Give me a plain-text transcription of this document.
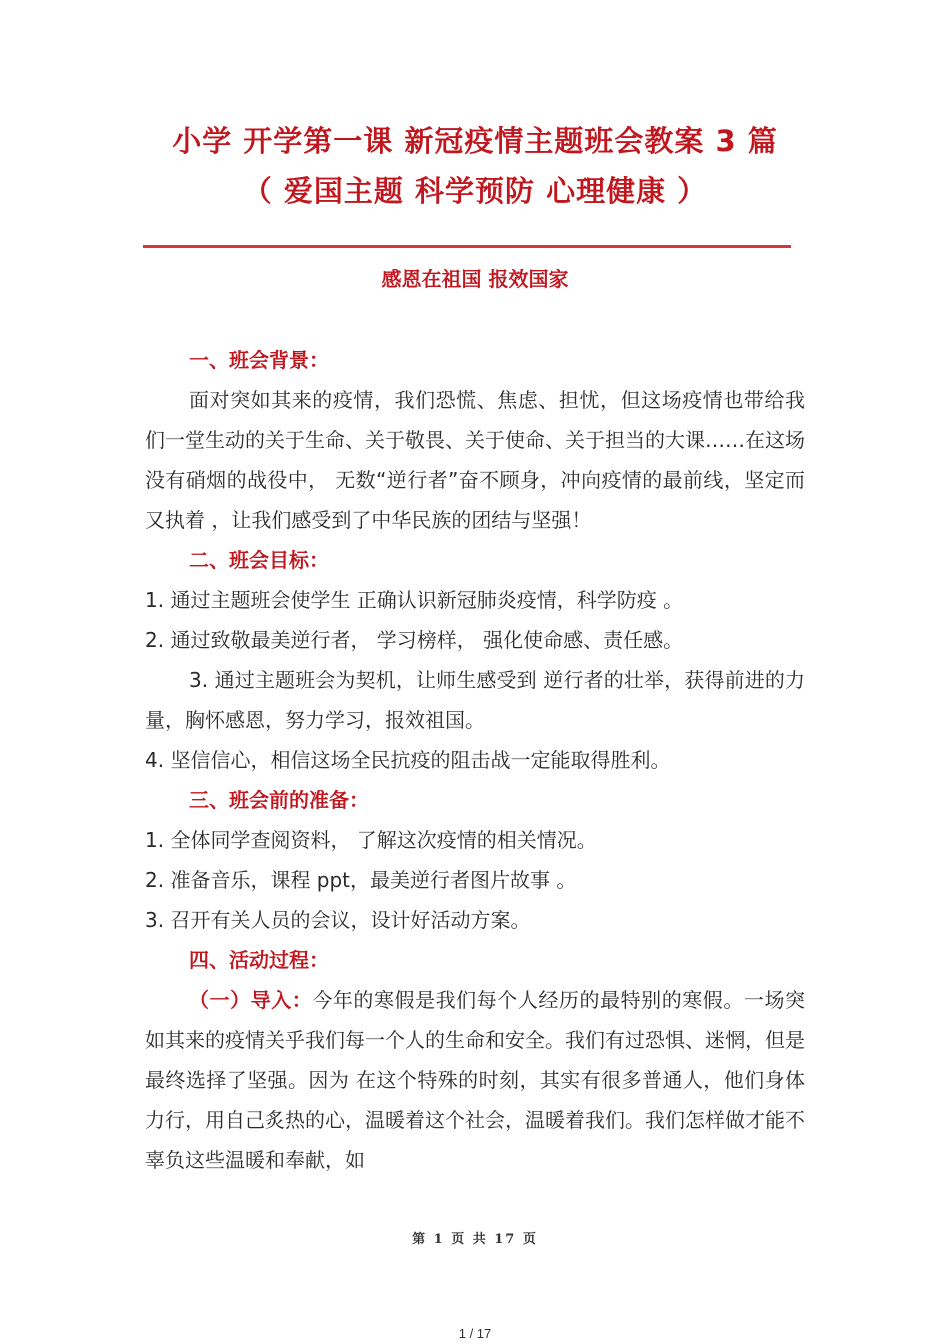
小学 开学第一课 新冠疫情主题班会教案 3 篇
（ 爱国主题 科学预防 心理健康 ）
感恩在祖国 报效国家

一、班会背景：

面对突如其来的疫情，我们恐慌、焦虑、担忧，但这场疫情也带给我们一堂生动的关于生命、关于敬畏、关于使命、关于担当的大课……在这场没有硝烟的战役中， 无数“逆行者”奋不顾身，冲向疫情的最前线，坚定而又执着 ，让我们感受到了中华民族的团结与坚强！

二、班会目标：

1. 通过主题班会使学生 正确认识新冠肺炎疫情，科学防疫 。

2. 通过致敬最美逆行者， 学习榜样， 强化使命感、责任感。

3. 通过主题班会为契机，让师生感受到 逆行者的壮举，获得前进的力量，胸怀感恩，努力学习，报效祖国。

4. 坚信信心，相信这场全民抗疫的阻击战一定能取得胜利。

三、班会前的准备：

1. 全体同学查阅资料， 了解这次疫情的相关情况。

2. 准备音乐，课程 ppt，最美逆行者图片故事 。

3. 召开有关人员的会议，设计好活动方案。

四、活动过程：

（一）导入：今年的寒假是我们每个人经历的最特别的寒假。一场突如其来的疫情关乎我们每一个人的生命和安全。我们有过恐惧、迷惘，但是最终选择了坚强。因为 在这个特殊的时刻，其实有很多普通人，他们身体力行，用自己炙热的心，温暖着这个社会，温暖着我们。我们怎样做才能不辜负这些温暖和奉献，如

第 1 页 共 17 页
1 / 17
